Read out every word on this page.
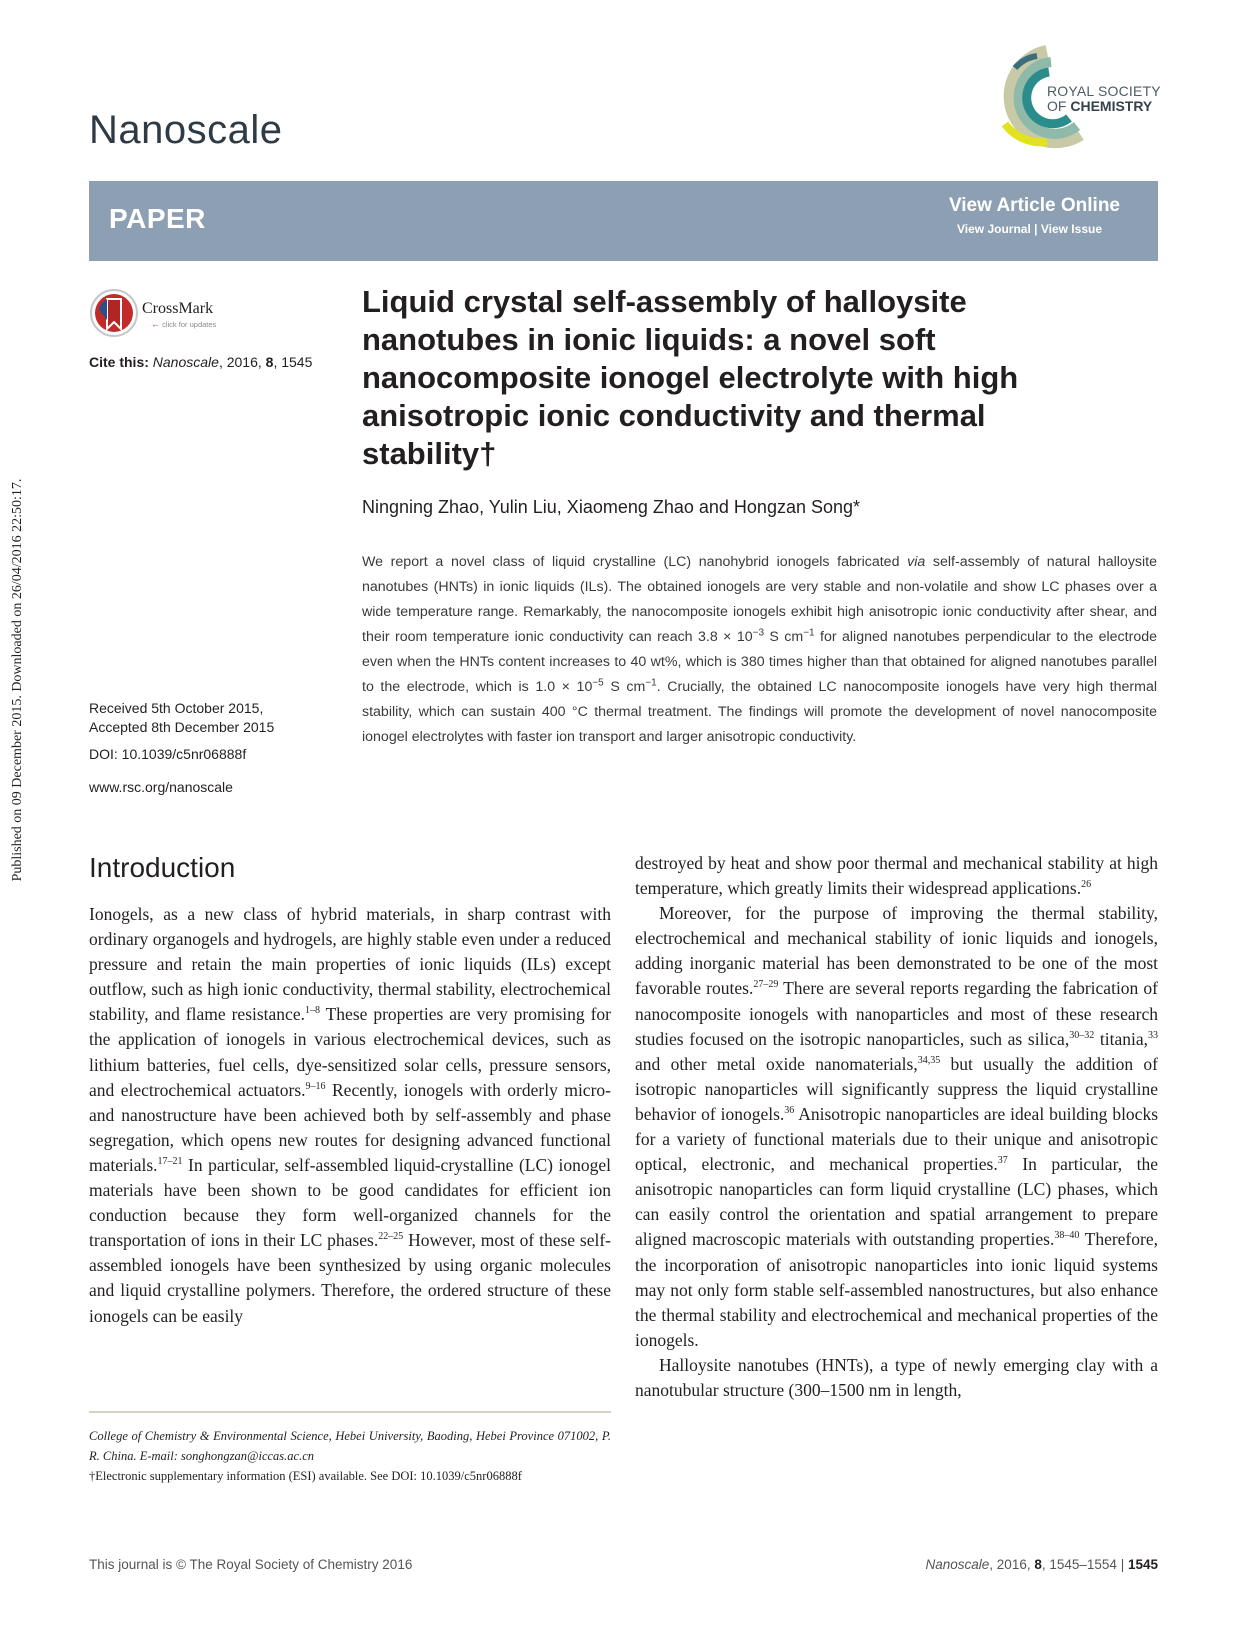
Published on 09 December 2015. Downloaded on 26/04/2016 22:50:17.
Nanoscale
ROYAL SOCIETY
OF CHEMISTRY
PAPER	View Article Online
View Journal | View Issue
CrossMark
← click for updates
Cite this: Nanoscale, 2016, 8, 1545
Received 5th October 2015,
Accepted 8th December 2015
DOI: 10.1039/c5nr06888f
www.rsc.org/nanoscale
Liquid crystal self-assembly of halloysite nanotubes in ionic liquids: a novel soft nanocomposite ionogel electrolyte with high anisotropic ionic conductivity and thermal stability†
Ningning Zhao, Yulin Liu, Xiaomeng Zhao and Hongzan Song*
We report a novel class of liquid crystalline (LC) nanohybrid ionogels fabricated via self-assembly of natural halloysite nanotubes (HNTs) in ionic liquids (ILs). The obtained ionogels are very stable and non-volatile and show LC phases over a wide temperature range. Remarkably, the nanocomposite ionogels exhibit high anisotropic ionic conductivity after shear, and their room temperature ionic conductivity can reach $3.8 \times 10^{-3}$ S $cm^{-1}$ for aligned nanotubes perpendicular to the electrode even when the HNTs content increases to 40 wt%, which is 380 times higher than that obtained for aligned nanotubes parallel to the electrode, which is $1.0 \times 10^{-5}$ S $cm^{-1}$. Crucially, the obtained LC nanocomposite ionogels have very high thermal stability, which can sustain 400 °C thermal treatment. The findings will promote the development of novel nanocomposite ionogel electrolytes with faster ion transport and larger anisotropic conductivity.
Introduction

Ionogels, as a new class of hybrid materials, in sharp contrast with ordinary organogels and hydrogels, are highly stable even under a reduced pressure and retain the main properties of ionic liquids (ILs) except outflow, such as high ionic conductivity, thermal stability, electrochemical stability, and flame resistance.$^{1-8}$ These properties are very promising for the application of ionogels in various electrochemical devices, such as lithium batteries, fuel cells, dye-sensitized solar cells, pressure sensors, and electrochemical actuators.$^{9-16}$ Recently, ionogels with orderly micro- and nanostructure have been achieved both by self-assembly and phase segregation, which opens new routes for designing advanced functional materials.$^{17-21}$ In particular, self-assembled liquid-crystalline (LC) ionogel materials have been shown to be good candidates for efficient ion conduction because they form well-organized channels for the transportation of ions in their LC phases.$^{22-25}$ However, most of these self-assembled ionogels have been synthesized by using organic molecules and liquid crystalline polymers. Therefore, the ordered structure of these ionogels can be easily

destroyed by heat and show poor thermal and mechanical stability at high temperature, which greatly limits their widespread applications.$^{26}$

Moreover, for the purpose of improving the thermal stability, electrochemical and mechanical stability of ionic liquids and ionogels, adding inorganic material has been demonstrated to be one of the most favorable routes.$^{27-29}$ There are several reports regarding the fabrication of nanocomposite ionogels with nanoparticles and most of these research studies focused on the isotropic nanoparticles, such as silica,$^{30-32}$ titania,$^{33}$ and other metal oxide nanomaterials,$^{34,35}$ but usually the addition of isotropic nanoparticles will significantly suppress the liquid crystalline behavior of ionogels.$^{36}$ Anisotropic nanoparticles are ideal building blocks for a variety of functional materials due to their unique and anisotropic optical, electronic, and mechanical properties.$^{37}$ In particular, the anisotropic nanoparticles can form liquid crystalline (LC) phases, which can easily control the orientation and spatial arrangement to prepare aligned macroscopic materials with outstanding properties.$^{38-40}$ Therefore, the incorporation of anisotropic nanoparticles into ionic liquid systems may not only form stable self-assembled nanostructures, but also enhance the thermal stability and electrochemical and mechanical properties of the ionogels.

Halloysite nanotubes (HNTs), a type of newly emerging clay with a nanotubular structure (300–1500 nm in length,

College of Chemistry & Environmental Science, Hebei University, Baoding, Hebei Province 071002, P. R. China. E-mail: songhongzan@iccas.ac.cn
†Electronic supplementary information (ESI) available. See DOI: 10.1039/c5nr06888f
This journal is © The Royal Society of Chemistry 2016	Nanoscale, 2016, 8, 1545–1554 | 1545
